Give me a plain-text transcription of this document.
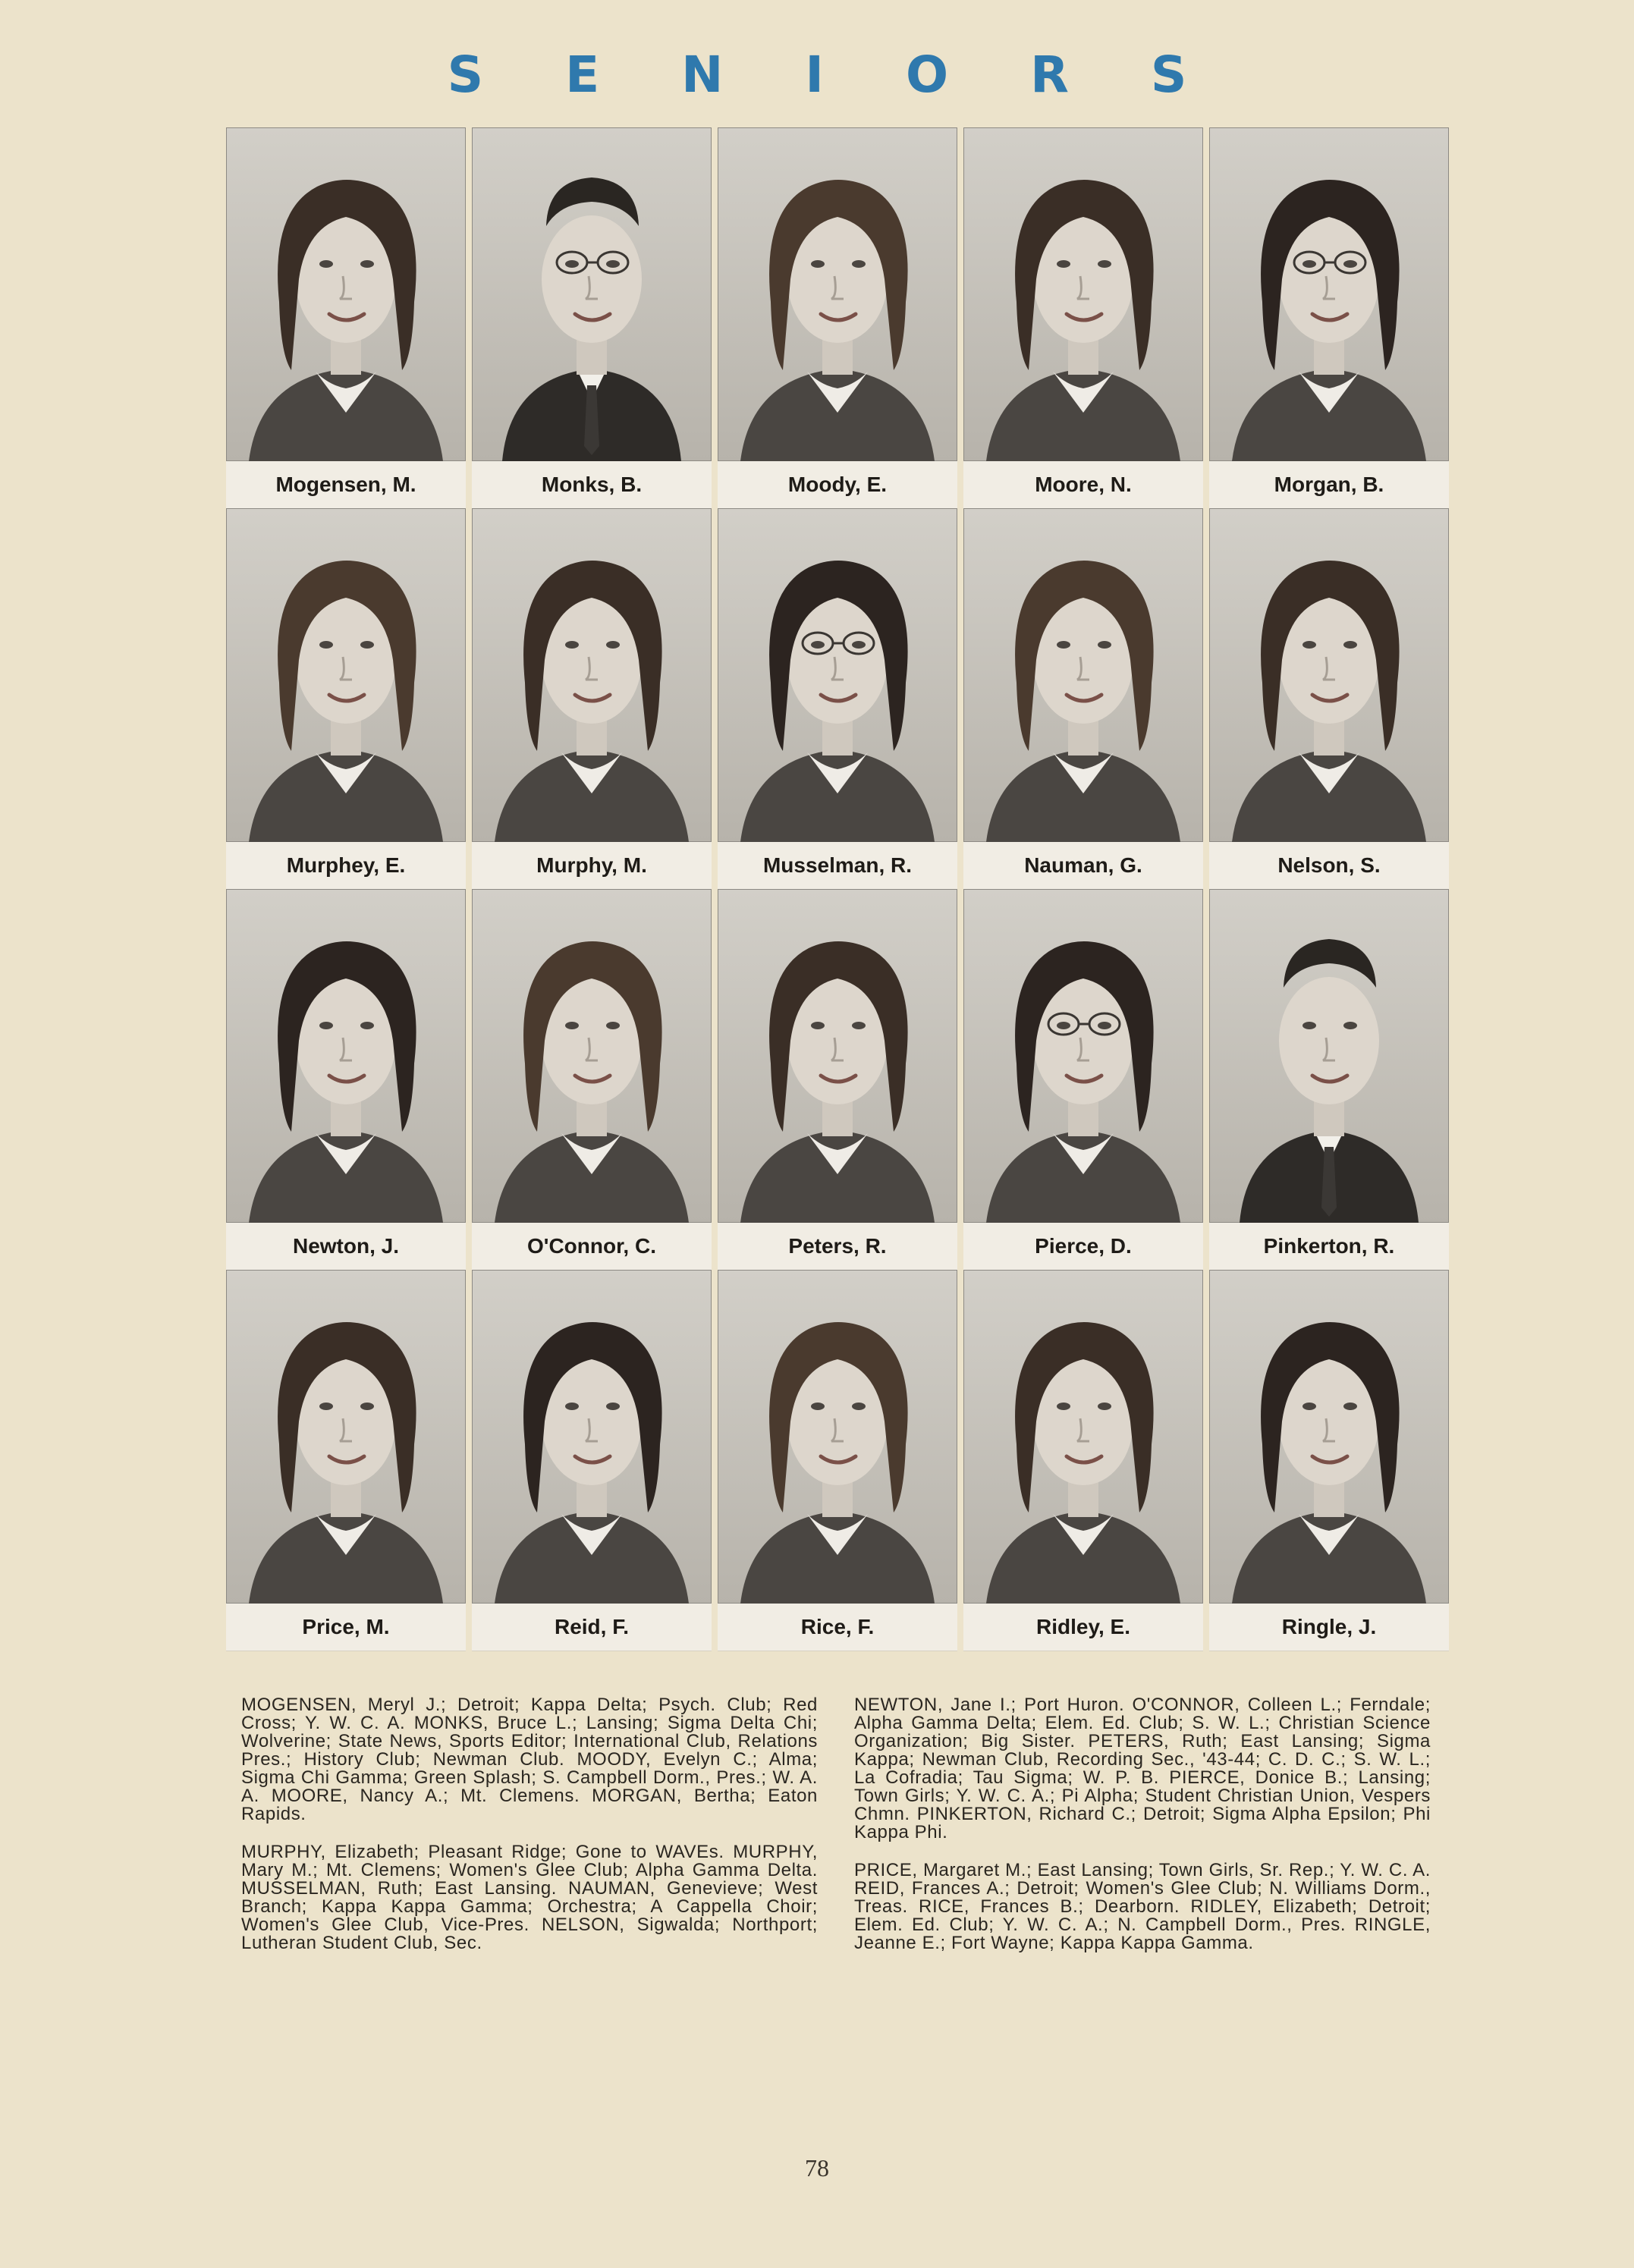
SENIORS
Mogensen, M.	Monks, B.	Moody, E.	Moore, N.	Morgan, B.
Murphey, E.	Murphy, M.	Musselman, R.	Nauman, G.	Nelson, S.
Newton, J.	O'Connor, C.	Peters, R.	Pierce, D.	Pinkerton, R.
Price, M.	Reid, F.	Rice, F.	Ridley, E.	Ringle, J.

MOGENSEN, Meryl J.; Detroit; Kappa Delta; Psych. Club; Red Cross; Y. W. C. A. MONKS, Bruce L.; Lansing; Sigma Delta Chi; Wolverine; State News, Sports Editor; International Club, Relations Pres.; History Club; Newman Club. MOODY, Evelyn C.; Alma; Sigma Chi Gamma; Green Splash; S. Campbell Dorm., Pres.; W. A. A. MOORE, Nancy A.; Mt. Clemens. MORGAN, Bertha; Eaton Rapids.

MURPHY, Elizabeth; Pleasant Ridge; Gone to WAVEs. MURPHY, Mary M.; Mt. Clemens; Women's Glee Club; Alpha Gamma Delta. MUSSELMAN, Ruth; East Lansing. NAUMAN, Genevieve; West Branch; Kappa Kappa Gamma; Orchestra; A Cappella Choir; Women's Glee Club, Vice-Pres. NELSON, Sigwalda; Northport; Lutheran Student Club, Sec.

NEWTON, Jane I.; Port Huron. O'CONNOR, Colleen L.; Ferndale; Alpha Gamma Delta; Elem. Ed. Club; S. W. L.; Christian Science Organization; Big Sister. PETERS, Ruth; East Lansing; Sigma Kappa; Newman Club, Recording Sec., '43-44; C. D. C.; S. W. L.; La Cofradia; Tau Sigma; W. P. B. PIERCE, Donice B.; Lansing; Town Girls; Y. W. C. A.; Pi Alpha; Student Christian Union, Vespers Chmn. PINKERTON, Richard C.; Detroit; Sigma Alpha Epsilon; Phi Kappa Phi.

PRICE, Margaret M.; East Lansing; Town Girls, Sr. Rep.; Y. W. C. A. REID, Frances A.; Detroit; Women's Glee Club; N. Williams Dorm., Treas. RICE, Frances B.; Dearborn. RIDLEY, Elizabeth; Detroit; Elem. Ed. Club; Y. W. C. A.; N. Campbell Dorm., Pres. RINGLE, Jeanne E.; Fort Wayne; Kappa Kappa Gamma.

78
